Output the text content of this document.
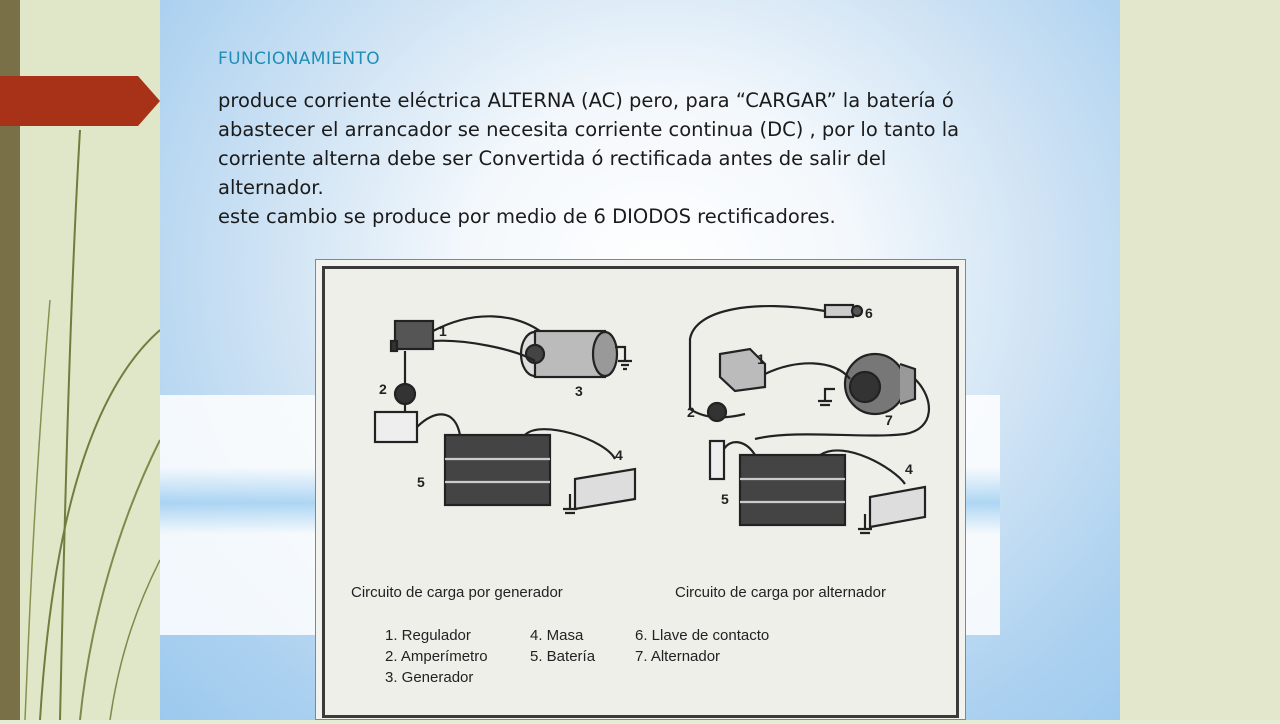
FUNCIONAMIENTO
produce corriente eléctrica ALTERNA (AC) pero, para “CARGAR” la batería ó
abastecer el arrancador se necesita corriente continua (DC) , por lo tanto la
corriente alterna debe ser Convertida ó rectificada antes de salir del
alternador.
este cambio se produce por medio de 6 DIODOS rectificadores.
1
2	3
4
5
6
1
2	7
4
5
Circuito de carga por generador	Circuito de carga por alternador
1. Regulador
2. Amperímetro
3. Generador
4. Masa
5. Batería
6. Llave de contacto
7. Alternador
